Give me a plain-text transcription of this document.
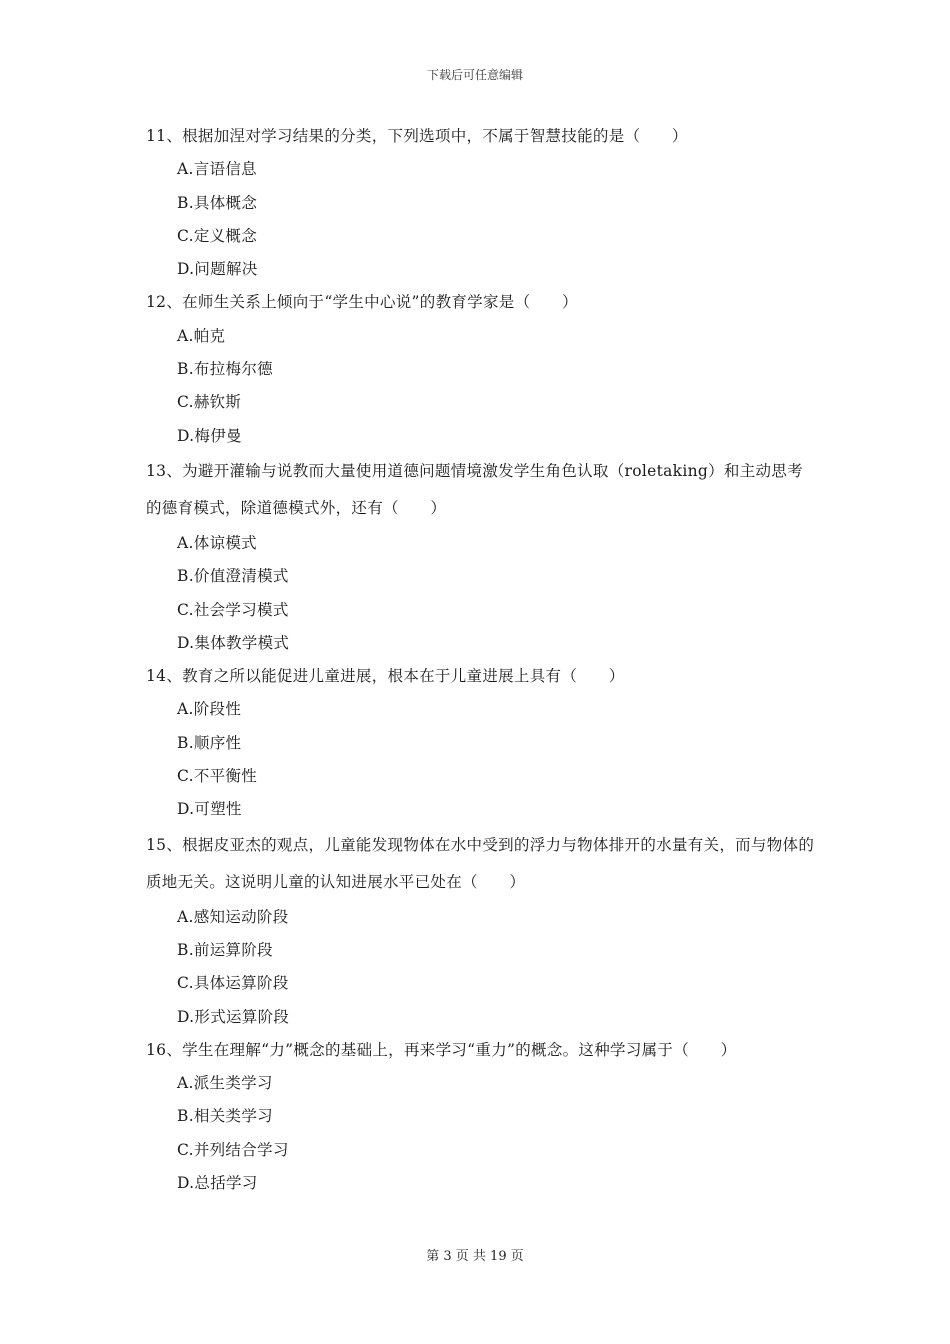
下载后可任意编辑

11、根据加涅对学习结果的分类，下列选项中，不属于智慧技能的是（　　）

A.言语信息

B.具体概念

C.定义概念

D.问题解决

12、在师生关系上倾向于“学生中心说”的教育学家是（　　）

A.帕克

B.布拉梅尔德

C.赫钦斯

D.梅伊曼

13、为避开灌输与说教而大量使用道德问题情境激发学生角色认取（roletaking）和主动思考的德育模式，除道德模式外，还有（　　）

A.体谅模式

B.价值澄清模式

C.社会学习模式

D.集体教学模式

14、教育之所以能促进儿童进展，根本在于儿童进展上具有（　　）

A.阶段性

B.顺序性

C.不平衡性

D.可塑性

15、根据皮亚杰的观点，儿童能发现物体在水中受到的浮力与物体排开的水量有关，而与物体的质地无关。这说明儿童的认知进展水平已处在（　　）

A.感知运动阶段

B.前运算阶段

C.具体运算阶段

D.形式运算阶段

16、学生在理解“力”概念的基础上，再来学习“重力”的概念。这种学习属于（　　）

A.派生类学习

B.相关类学习

C.并列结合学习

D.总括学习

第 3 页 共 19 页
